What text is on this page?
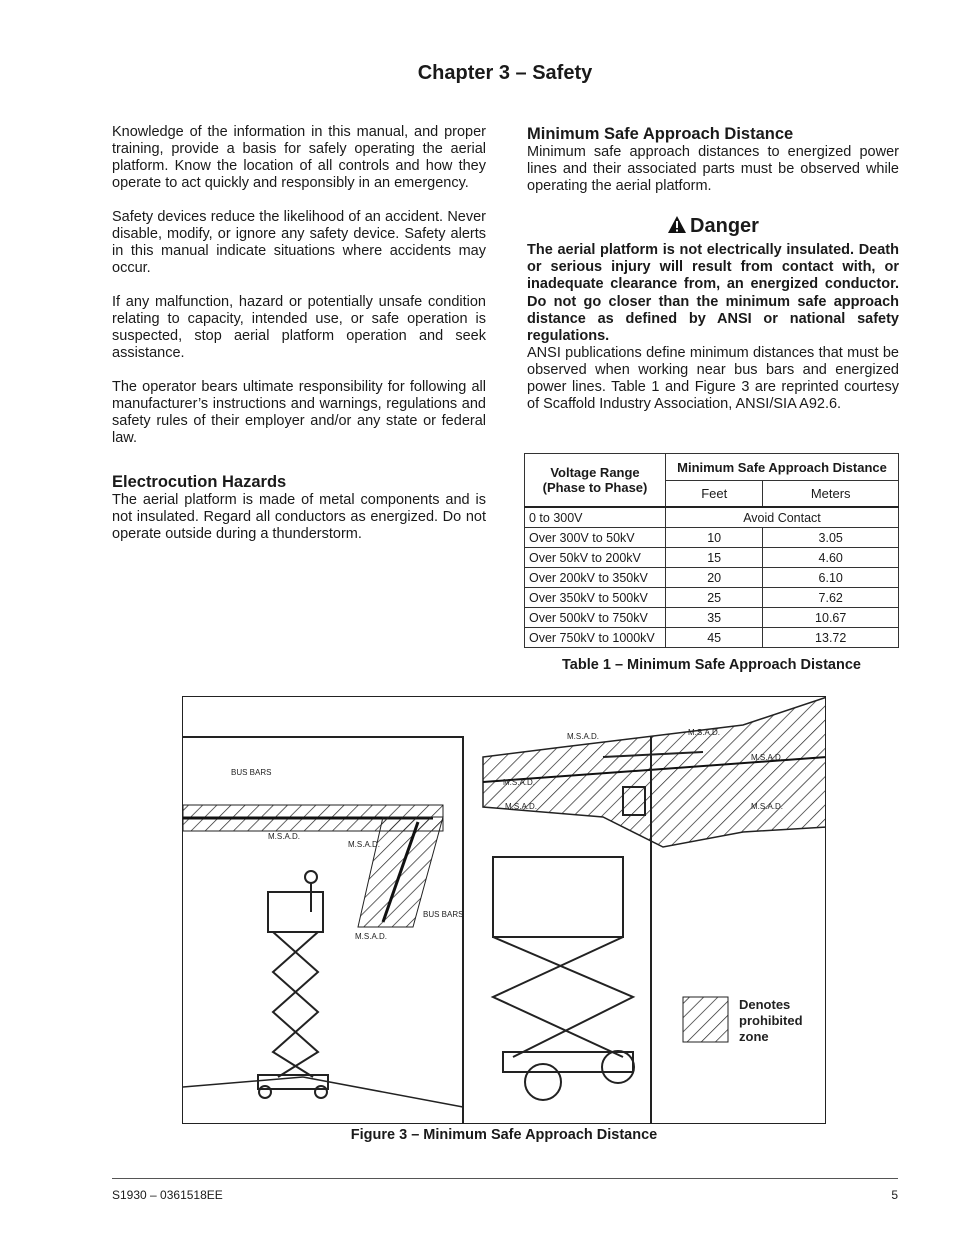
Chapter 3 – Safety

Knowledge of the information in this manual, and proper training, provide a basis for safely operating the aerial platform. Know the location of all controls and how they operate to act quickly and responsibly in an emergency.

Safety devices reduce the likelihood of an accident. Never disable, modify, or ignore any safety device. Safety alerts in this manual indicate situations where accidents may occur.

If any malfunction, hazard or potentially unsafe condition relating to capacity, intended use, or safe operation is suspected, stop aerial platform operation and seek assistance.

The operator bears ultimate responsibility for following all manufacturer’s instructions and warnings, regulations and safety rules of their employer and/or any state or federal law.

Electrocution Hazards

The aerial platform is made of metal components and is not insulated. Regard all conductors as energized. Do not operate outside during a thunderstorm.

Minimum Safe Approach Distance

Minimum safe approach distances to energized power lines and their associated parts must be observed while operating the aerial platform.

Danger

The aerial platform is not electrically insulated. Death or serious injury will result from contact with, or inadequate clearance from, an energized conductor. Do not go closer than the minimum safe approach distance as defined by ANSI or national safety regulations.

ANSI publications define minimum distances that must be observed when working near bus bars and energized power lines. Table 1 and Figure 3 are reprinted courtesy of Scaffold Industry Association, ANSI/SIA A92.6.

Voltage Range (Phase to Phase)	Minimum Safe Approach Distance	
	Feet	Meters
0 to 300V	Avoid Contact	
Over 300V to 50kV	10	3.05
Over 50kV to 200kV	15	4.60
Over 200kV to 350kV	20	6.10
Over 350kV to 500kV	25	7.62
Over 500kV to 750kV	35	10.67
Over 750kV to 1000kV	45	13.72
Table 1 – Minimum Safe Approach Distance
BUS BARS
BUS BARS
M.S.A.D.
M.S.A.D.
M.S.A.D.
M.S.A.D.
M.S.A.D.
M.S.A.D.	M.S.A.D.
M.S.A.D.
M.S.A.D.
Denotes
prohibited
zone
Figure 3 – Minimum Safe Approach Distance
S1930 – 0361518EE	5
